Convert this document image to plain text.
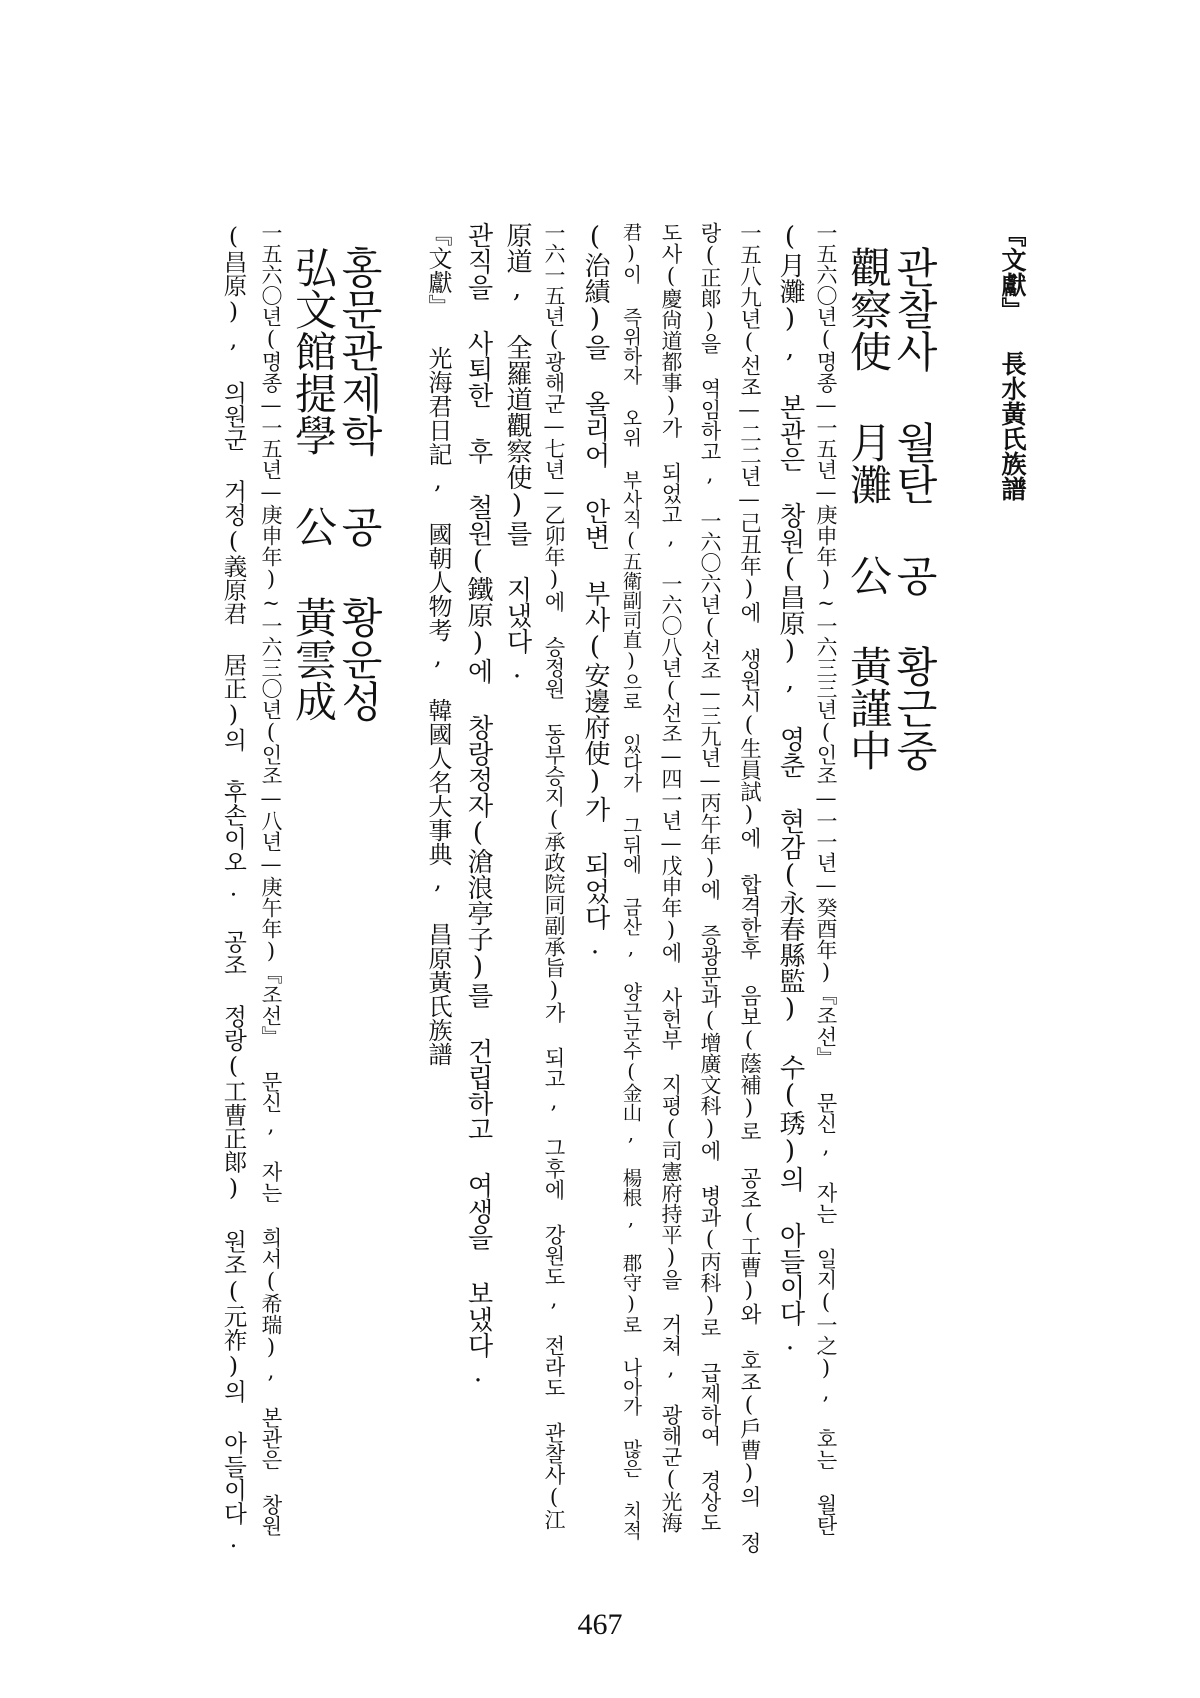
『文獻』 長水黃氏族譜
관찰사 월탄 공 황근중
觀察使 月灘 公 黃謹中
一五六〇년(명종—一五년—庚申年)~一六三三년(인조—一一년—癸酉年)『조선』 문신, 자는 일지(一之), 호는 월탄
(月灘), 본관은 창원(昌原), 영춘 현감(永春縣監) 수(琇)의 아들이다.
一五八九년(선조—二二년—己丑年)에 생원시(生員試)에 합격한후 음보(蔭補)로 공조(工曹)와 호조(戶曹)의 정
랑(正郞)을 역임하고, 一六〇六년(선조—三九년—丙午年)에 증광문과(增廣文科)에 병과(丙科)로 급제하여 경상도
도사(慶尙道都事)가 되었고, 一六〇八년(선조—四一년—戊申年)에 사헌부 지평(司憲府持平)을 거쳐, 광해군(光海
君)이 즉위하자 오위 부사직(五衛副司直)으로 있다가 그뒤에 금산, 양근군수(金山, 楊根, 郡守)로 나아가 많은 치적
(治績)을 올리어 안변 부사(安邊府使)가 되었다.
一六一五년(광해군—七년—乙卯年)에 승정원 동부승지(承政院同副承旨)가 되고, 그후에 강원도, 전라도 관찰사(江
原道, 全羅道觀察使)를 지냈다.
관직을 사퇴한 후 철원(鐵原)에 창랑정자(滄浪亭子)를 건립하고 여생을 보냈다.
『文獻』 光海君日記, 國朝人物考, 韓國人名大事典, 昌原黃氏族譜
홍문관제학 공 황운성
弘文館提學 公 黃雲成
一五六〇년(명종—一五년—庚申年)~一六三〇년(인조—八년—庚午年)『조선』 문신, 자는 희서(希瑞), 본관은 창원
(昌原), 의원군 거정(義原君 居正)의 후손이오. 공조 정랑(工曹正郞) 원조(元祚)의 아들이다.
467
